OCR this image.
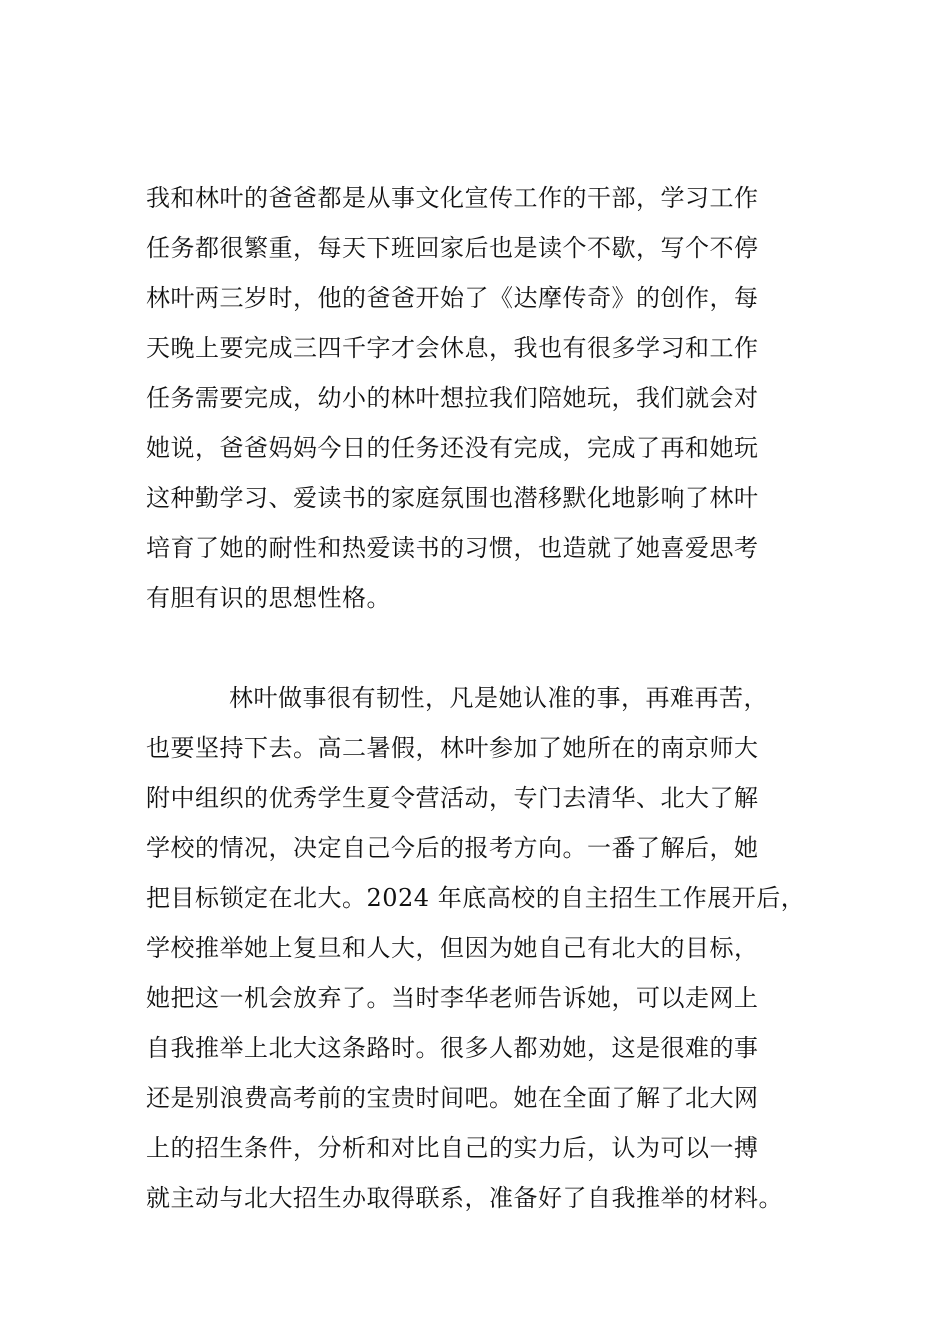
我和林叶的爸爸都是从事文化宣传工作的干部，学习工作
任务都很繁重，每天下班回家后也是读个不歇，写个不停
林叶两三岁时，他的爸爸开始了《达摩传奇》的创作，每
天晚上要完成三四千字才会休息，我也有很多学习和工作
任务需要完成，幼小的林叶想拉我们陪她玩，我们就会对
她说，爸爸妈妈今日的任务还没有完成，完成了再和她玩
这种勤学习、爱读书的家庭氛围也潜移默化地影响了林叶
培育了她的耐性和热爱读书的习惯，也造就了她喜爱思考
有胆有识的思想性格。
林叶做事很有韧性，凡是她认准的事，再难再苦，
也要坚持下去。高二暑假，林叶参加了她所在的南京师大
附中组织的优秀学生夏令营活动，专门去清华、北大了解
学校的情况，决定自己今后的报考方向。一番了解后，她
把目标锁定在北大。2024 年底高校的自主招生工作展开后，
学校推举她上复旦和人大，但因为她自己有北大的目标，
她把这一机会放弃了。当时李华老师告诉她，可以走网上
自我推举上北大这条路时。很多人都劝她，这是很难的事
还是别浪费高考前的宝贵时间吧。她在全面了解了北大网
上的招生条件，分析和对比自己的实力后，认为可以一搏
就主动与北大招生办取得联系，准备好了自我推举的材料。
